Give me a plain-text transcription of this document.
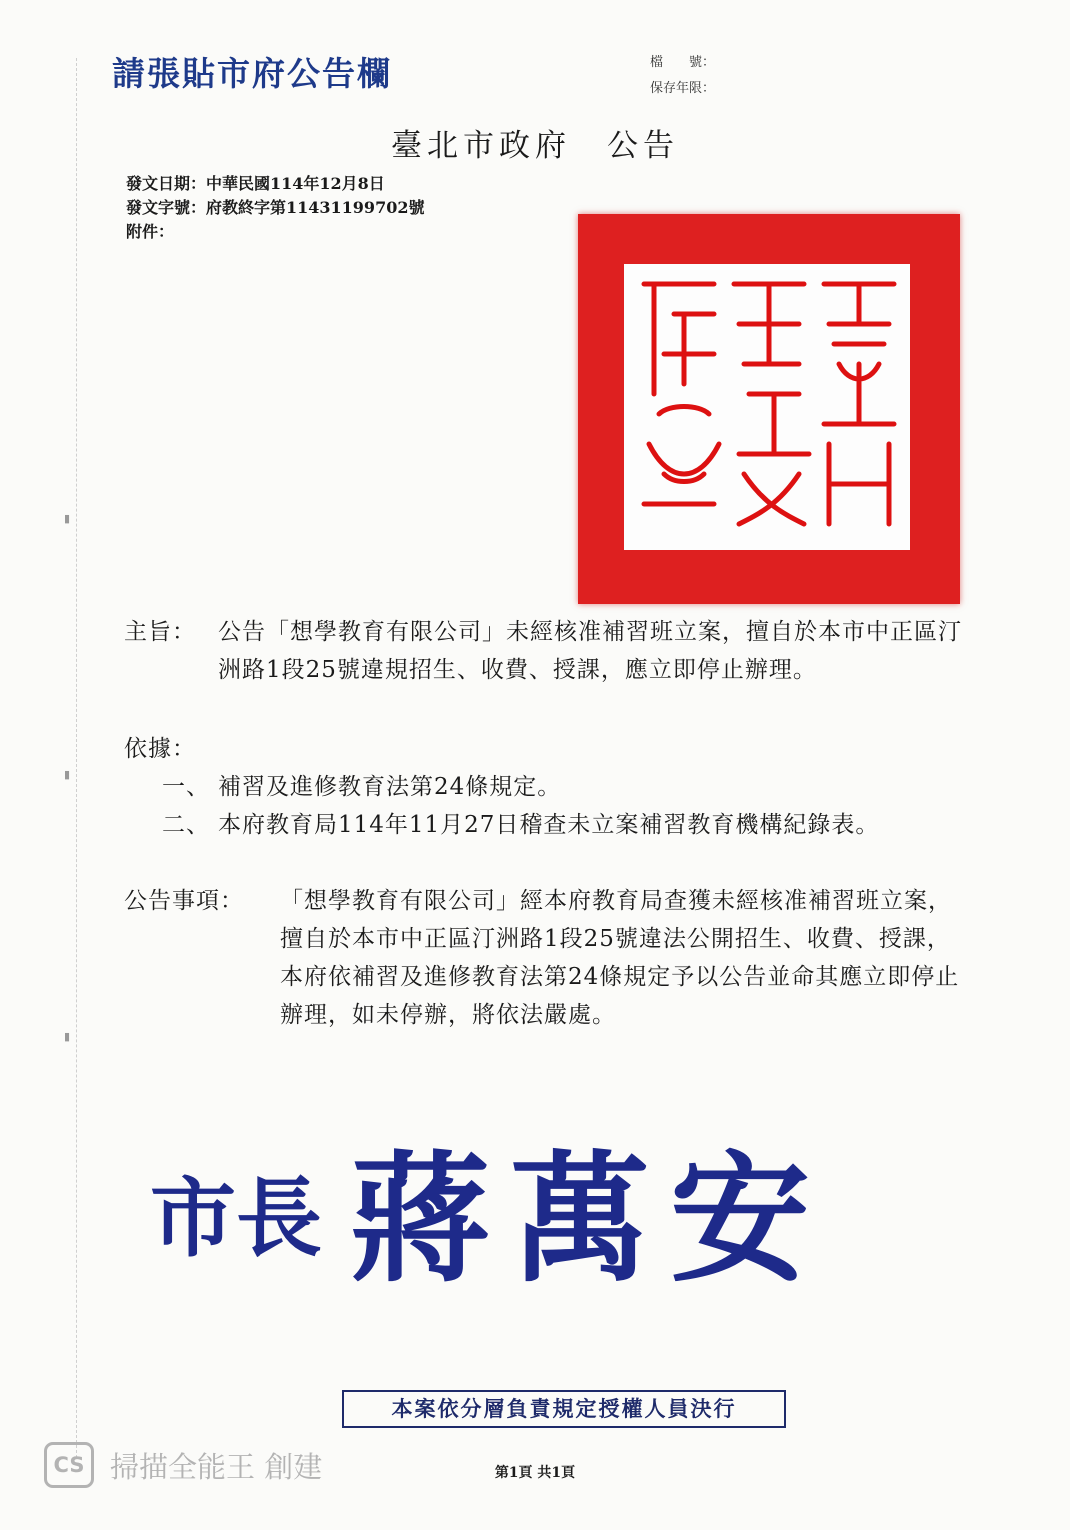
▮
▮
▮
請張貼市府公告欄	檔　　號：
保存年限：
臺北市政府　公告
發文日期：中華民國114年12月8日
發文字號：府教終字第11431199702號
附件：
主旨： 公告「想學教育有限公司」未經核准補習班立案，擅自於本市中正區汀洲路1段25號違規招生、收費、授課，應立即停止辦理。
依據：
一、 補習及進修教育法第24條規定。
二、 本府教育局114年11月27日稽查未立案補習教育機構紀錄表。
公告事項： 「想學教育有限公司」經本府教育局查獲未經核准補習班立案，擅自於本市中正區汀洲路1段25號違法公開招生、收費、授課，本府依補習及進修教育法第24條規定予以公告並命其應立即停止辦理，如未停辦，將依法嚴處。
市長 蔣萬安
本案依分層負責規定授權人員決行
第1頁 共1頁
CS 掃描全能王 創建
